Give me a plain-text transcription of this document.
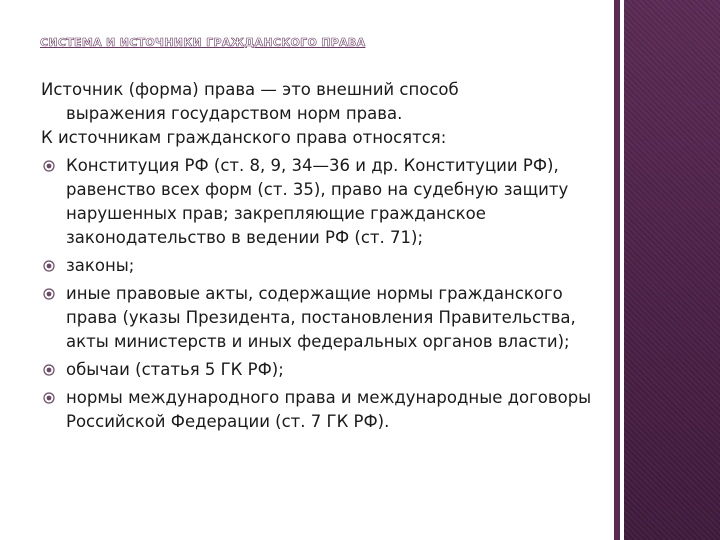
СИСТЕМА И ИСТОЧНИКИ ГРАЖДАНСКОГО ПРАВА

Источник (форма) права — это внешний способ

выражения государством норм права.

К источникам гражданского права относятся:

Конституция РФ (ст. 8, 9, 34—36 и др. Конституции РФ), равенство всех форм (ст. 35), право на судебную защиту нарушенных прав; закрепляющие гражданское законодательство в ведении РФ (ст. 71);
законы;
иные правовые акты, содержащие нормы гражданского права (указы Президента, постановления Правительства, акты министерств и иных федеральных органов власти);
обычаи (статья 5 ГК РФ);
нормы международного права и международные договоры Российской Федерации (ст. 7 ГК РФ).
